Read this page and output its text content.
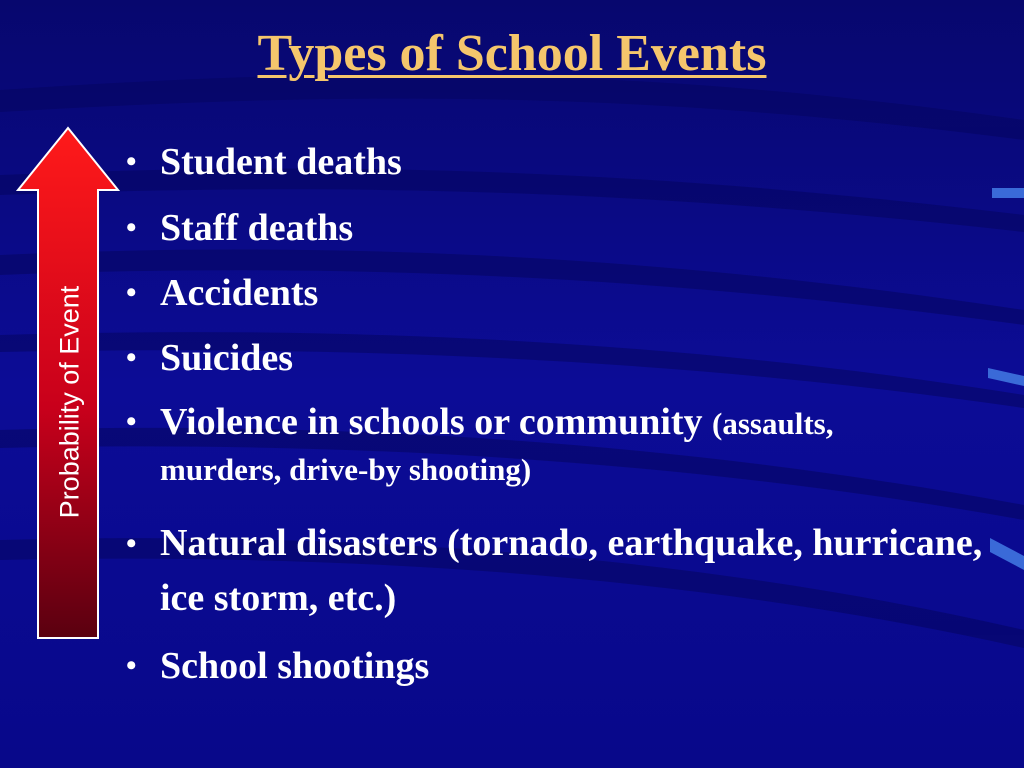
Types of School Events
Probability of Event
• Student deaths
• Staff deaths
• Accidents
• Suicides
• Violence in schools or community (assaults,
murders, drive-by shooting)
• Natural disasters (tornado, earthquake, hurricane, ice storm, etc.)
• School shootings
